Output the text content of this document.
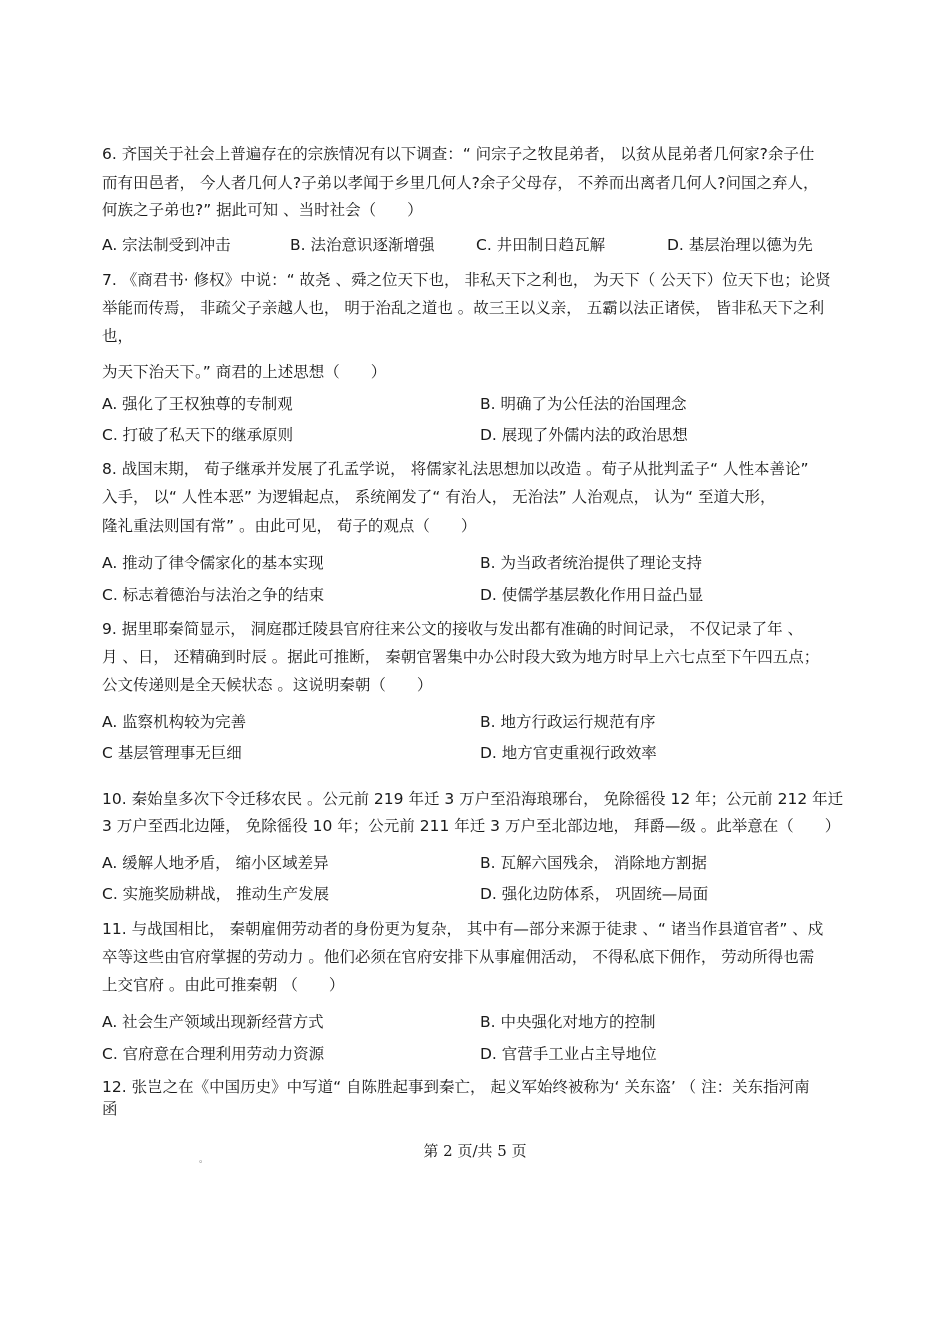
6. 齐国关于社会上普遍存在的宗族情况有以下调查：“ 问宗子之牧昆弟者， 以贫从昆弟者几何家?余子仕
而有田邑者， 今人者几何人?子弟以孝闻于乡里几何人?余子父母存， 不养而出离者几何人?问国之弃人，
何族之子弟也?” 据此可知 、当时社会（　　）
A. 宗法制受到冲击	B. 法治意识逐渐增强	C. 井田制日趋瓦解	D. 基层治理以德为先
7. 《商君书· 修权》中说：“ 故尧 、舜之位天下也， 非私天下之利也， 为天下（ 公天下）位天下也；论贤
举能而传焉， 非疏父子亲越人也， 明于治乱之道也 。故三王以义亲， 五霸以法正诸侯， 皆非私天下之利
也，
为天下治天下。” 商君的上述思想（　　）
A. 强化了王权独尊的专制观	B. 明确了为公任法的治国理念
C. 打破了私天下的继承原则	D. 展现了外儒内法的政治思想
8. 战国末期， 荀子继承并发展了孔孟学说， 将儒家礼法思想加以改造 。荀子从批判孟子“ 人性本善论”
入手， 以“ 人性本恶” 为逻辑起点， 系统阐发了“ 有治人， 无治法” 人治观点， 认为“ 至道大形，
隆礼重法则国有常” 。由此可见， 荀子的观点（　　）
A. 推动了律令儒家化的基本实现	B. 为当政者统治提供了理论支持
C. 标志着德治与法治之争的结束	D. 使儒学基层教化作用日益凸显
9. 据里耶秦简显示， 洞庭郡迁陵县官府往来公文的接收与发出都有准确的时间记录， 不仅记录了年 、
月 、日， 还精确到时辰 。据此可推断， 秦朝官署集中办公时段大致为地方时早上六七点至下午四五点；
公文传递则是全天候状态 。这说明秦朝（　　）
A. 监察机构较为完善	B. 地方行政运行规范有序
C 基层管理事无巨细	D. 地方官吏重视行政效率
10. 秦始皇多次下令迁移农民 。公元前 219 年迁 3 万户至沿海琅琊台， 免除徭役 12 年；公元前 212 年迁
3 万户至西北边陲， 免除徭役 10 年；公元前 211 年迁 3 万户至北部边地， 拜爵—级 。此举意在（　　）
A. 缓解人地矛盾， 缩小区域差异	B. 瓦解六国残余， 消除地方割据
C. 实施奖励耕战， 推动生产发展	D. 强化边防体系， 巩固统—局面
11. 与战国相比， 秦朝雇佣劳动者的身份更为复杂， 其中有—部分来源于徒隶 、“ 诸当作县道官者” 、戍
卒等这些由官府掌握的劳动力 。他们必须在官府安排下从事雇佣活动， 不得私底下佣作， 劳动所得也需
上交官府 。由此可推秦朝 （　　）
A. 社会生产领域出现新经营方式	B. 中央强化对地方的控制
C. 官府意在合理利用劳动力资源	D. 官营手工业占主导地位
12. 张岂之在《中国历史》中写道“ 自陈胜起事到秦亡， 起义军始终被称为‘ 关东盗’ （ 注：关东指河南
函
。	第 2 页/共 5 页
